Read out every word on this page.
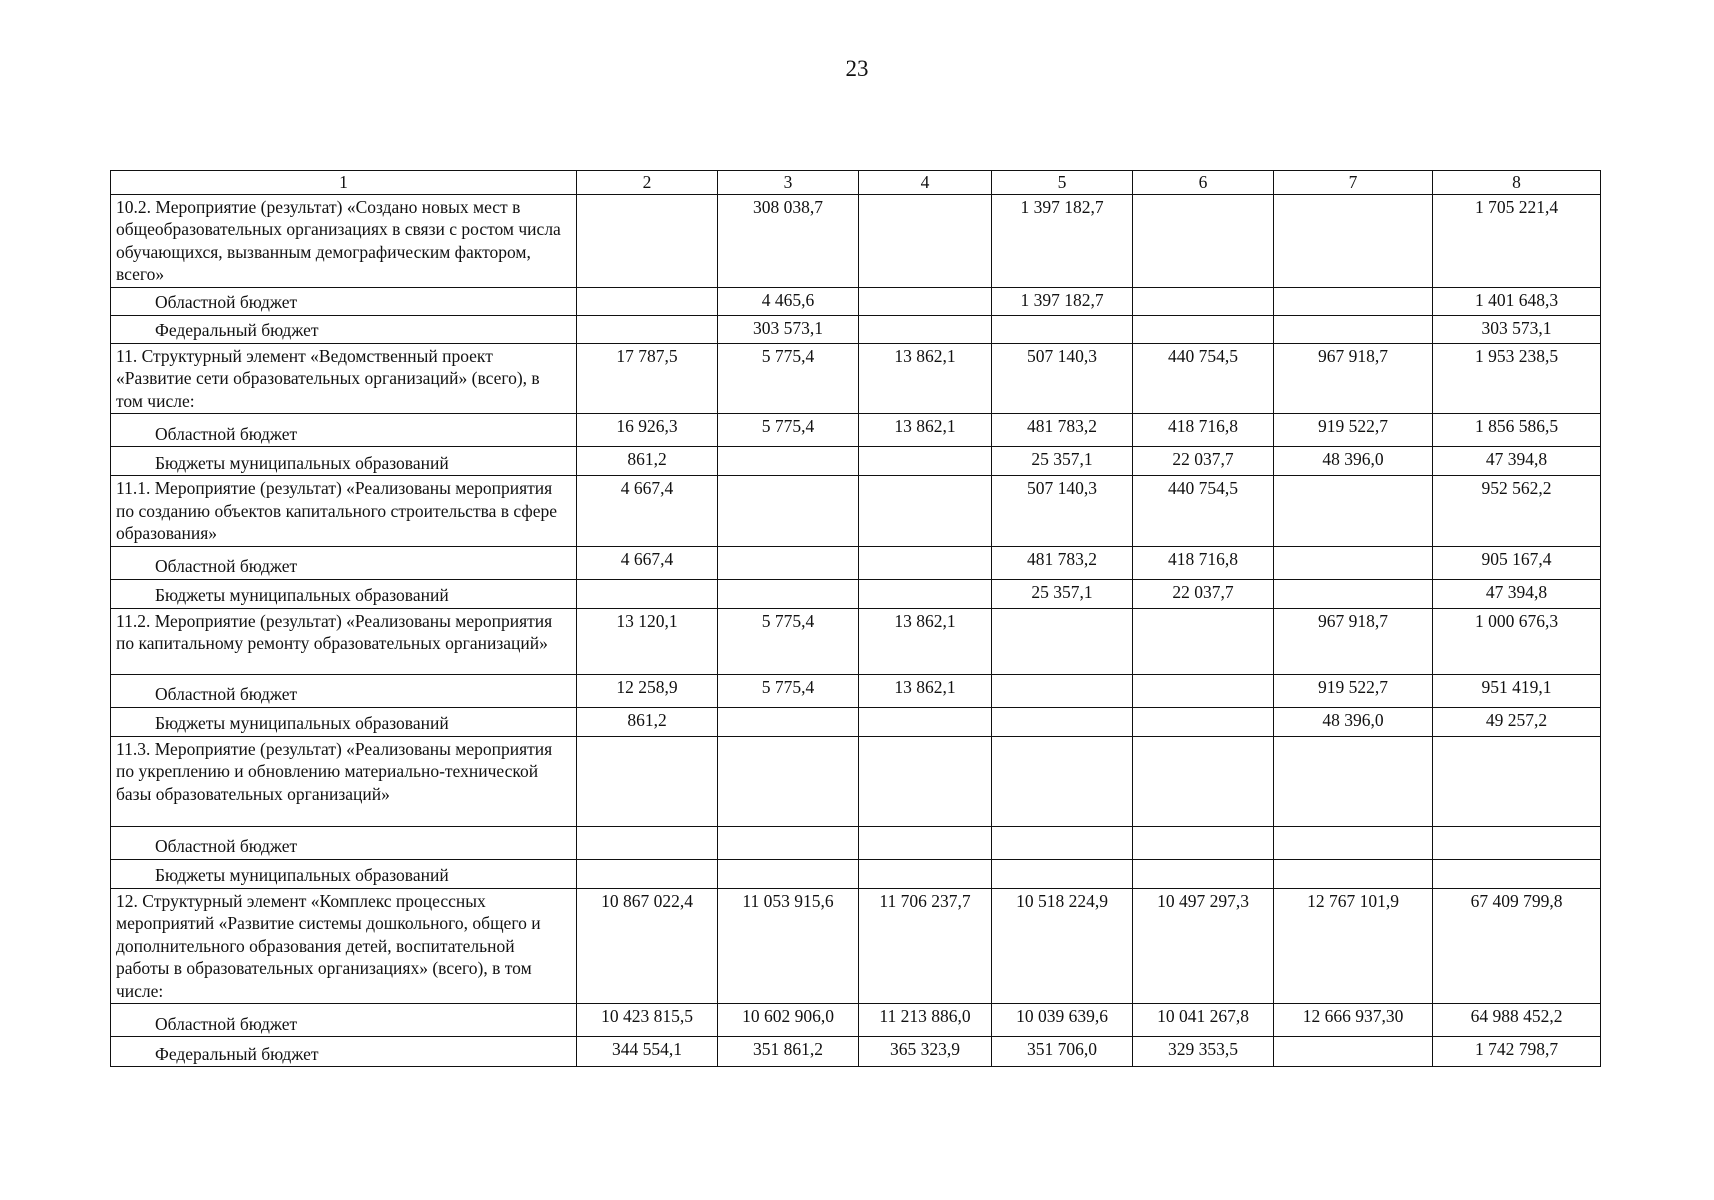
23
1	2	3	4	5	6	7	8
10.2. Мероприятие (результат) «Создано новых мест в общеобразовательных организациях в связи с ростом числа обучающихся, вызванным демографическим фактором, всего»		308 038,7		1 397 182,7			1 705 221,4
Областной бюджет		4 465,6		1 397 182,7			1 401 648,3
Федеральный бюджет		303 573,1					303 573,1
11. Структурный элемент «Ведомственный проект «Развитие сети образовательных организаций» (всего), в том числе:	17 787,5	5 775,4	13 862,1	507 140,3	440 754,5	967 918,7	1 953 238,5
Областной бюджет	16 926,3	5 775,4	13 862,1	481 783,2	418 716,8	919 522,7	1 856 586,5
Бюджеты муниципальных образований	861,2			25 357,1	22 037,7	48 396,0	47 394,8
11.1. Мероприятие (результат) «Реализованы мероприятия по созданию объектов капитального строительства в сфере образования»	4 667,4			507 140,3	440 754,5		952 562,2
Областной бюджет	4 667,4			481 783,2	418 716,8		905 167,4
Бюджеты муниципальных образований				25 357,1	22 037,7		47 394,8
11.2. Мероприятие (результат) «Реализованы мероприятия по капитальному ремонту образовательных организаций»	13 120,1	5 775,4	13 862,1			967 918,7	1 000 676,3
Областной бюджет	12 258,9	5 775,4	13 862,1			919 522,7	951 419,1
Бюджеты муниципальных образований	861,2					48 396,0	49 257,2
11.3. Мероприятие (результат) «Реализованы мероприятия по укреплению и обновлению материально-технической базы образовательных организаций»							
Областной бюджет							
Бюджеты муниципальных образований							
12. Структурный элемент «Комплекс процессных мероприятий «Развитие системы дошкольного, общего и дополнительного образования детей, воспитательной работы в образовательных организациях» (всего), в том числе:	10 867 022,4	11 053 915,6	11 706 237,7	10 518 224,9	10 497 297,3	12 767 101,9	67 409 799,8
Областной бюджет	10 423 815,5	10 602 906,0	11 213 886,0	10 039 639,6	10 041 267,8	12 666 937,30	64 988 452,2
Федеральный бюджет	344 554,1	351 861,2	365 323,9	351 706,0	329 353,5		1 742 798,7
